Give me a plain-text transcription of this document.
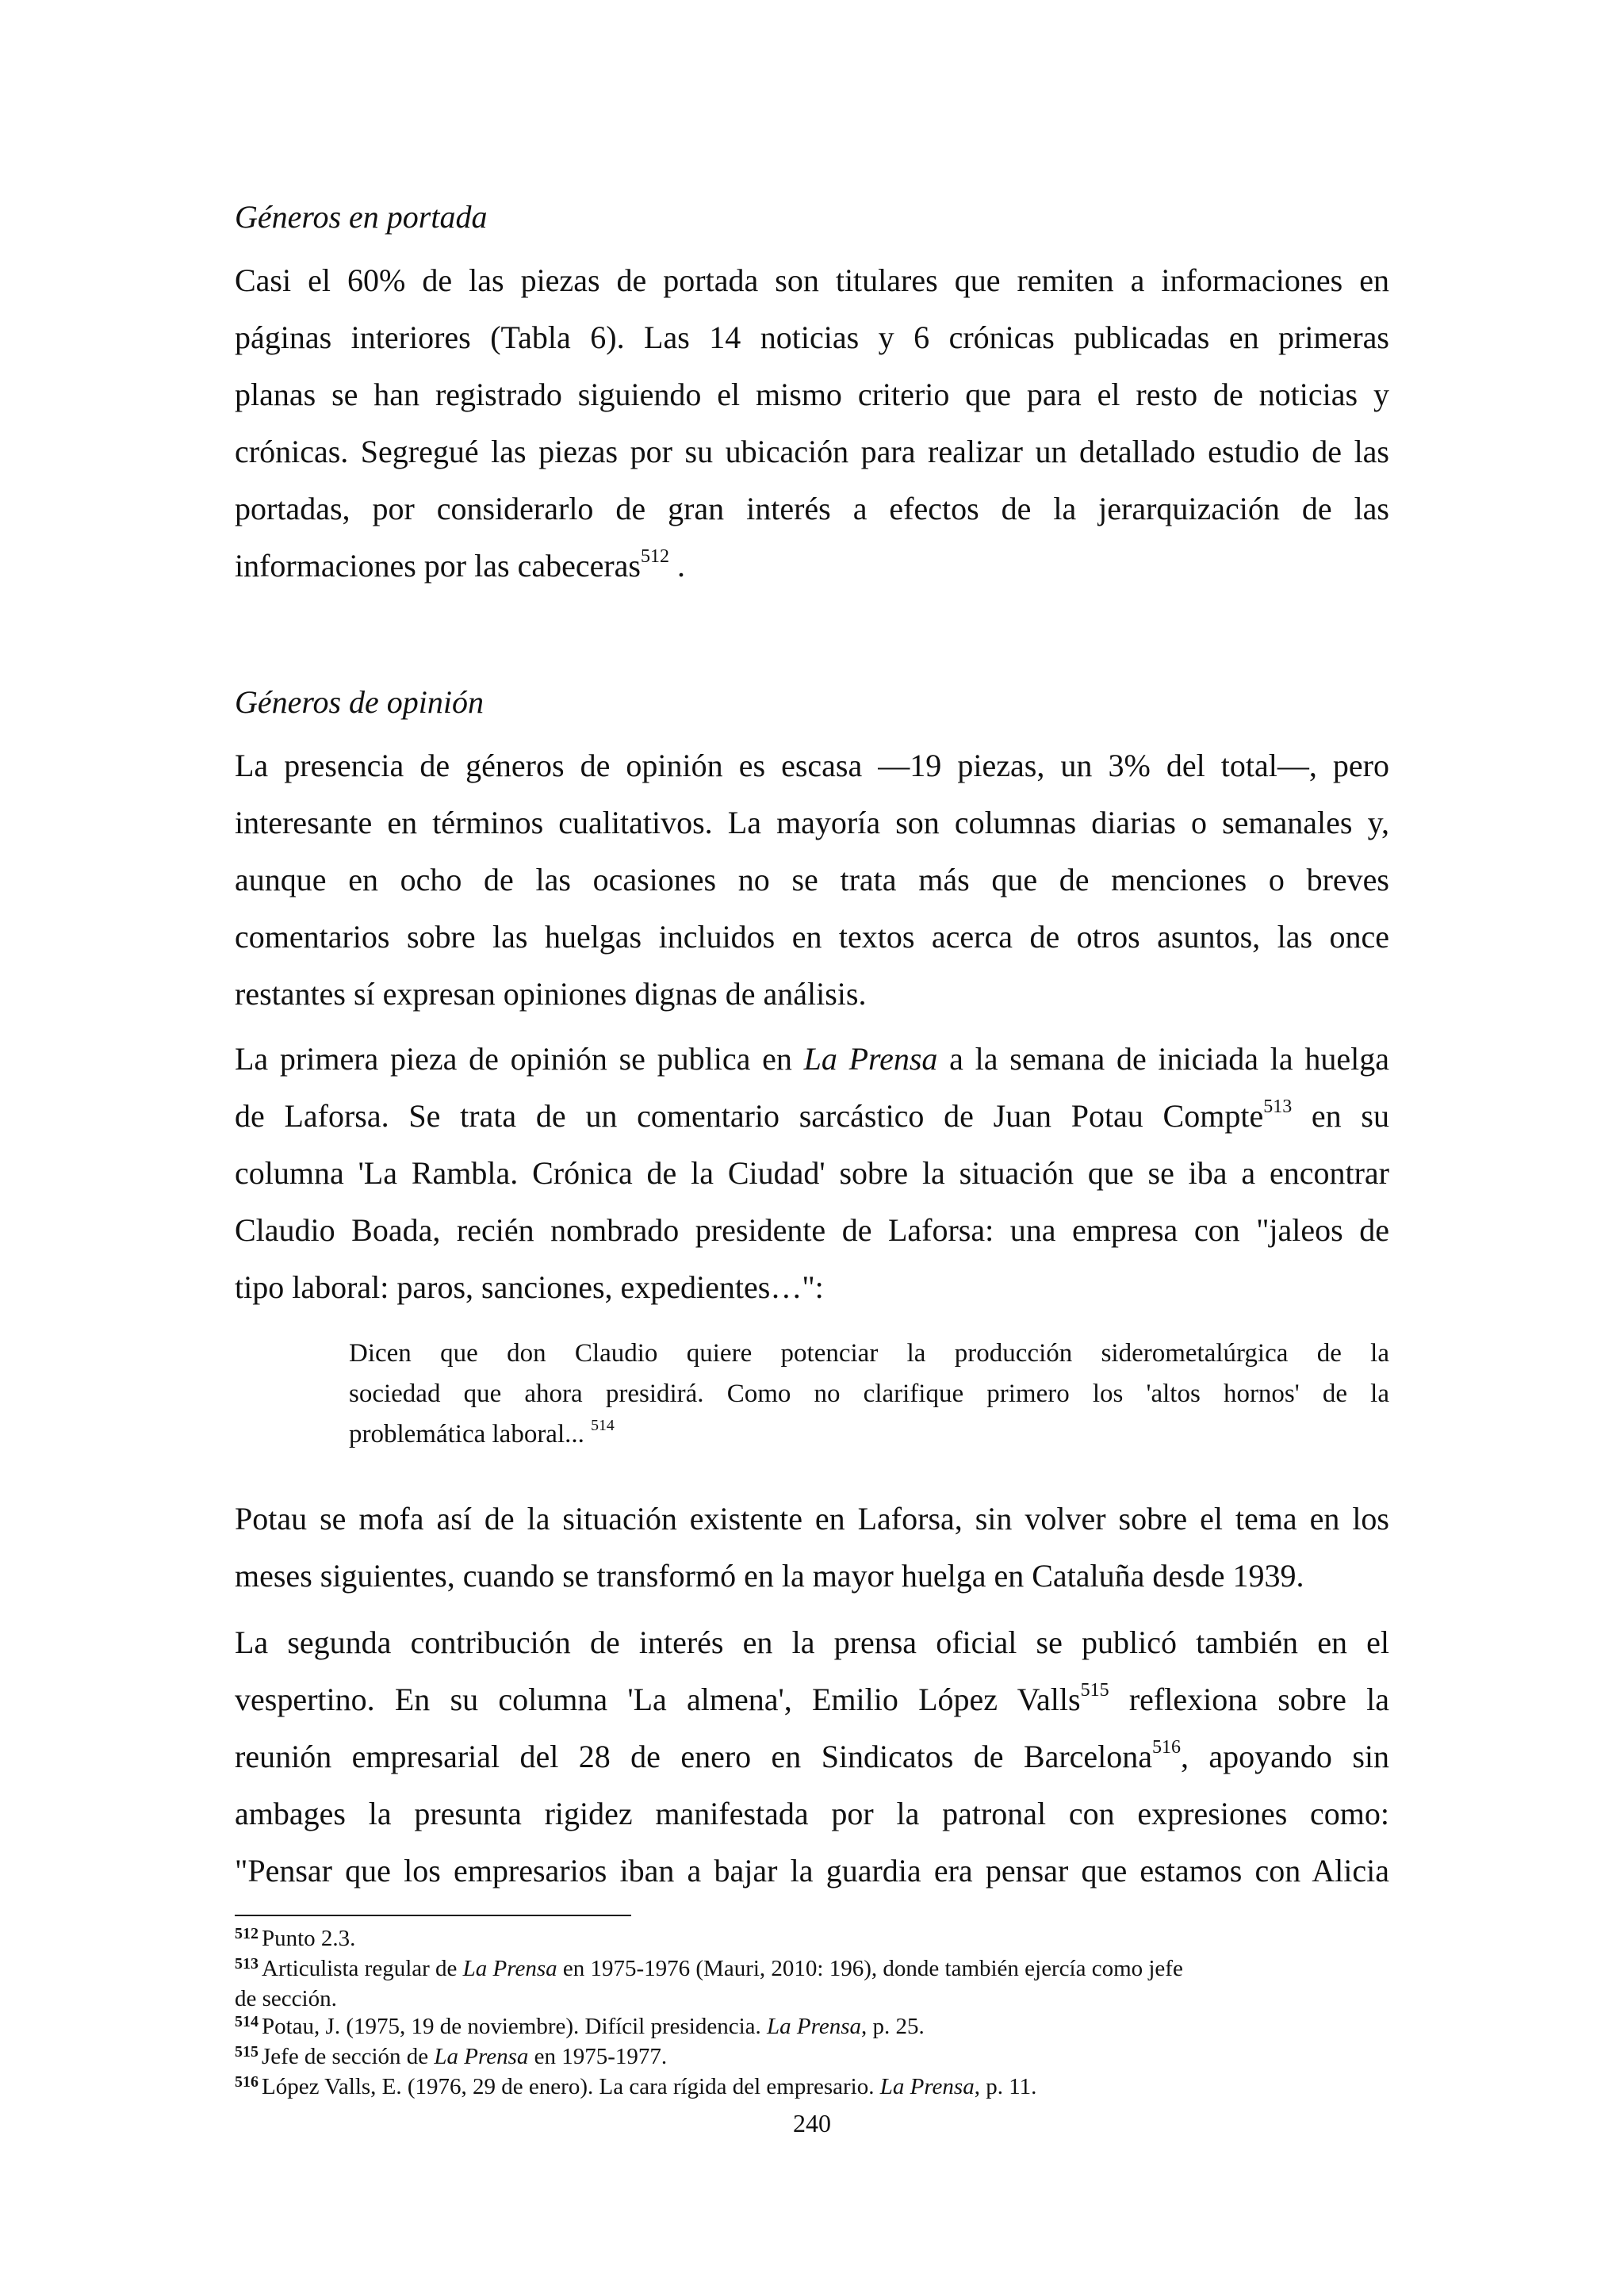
Géneros en portada
Casi el 60% de las piezas de portada son titulares que remiten a informaciones en
páginas interiores (Tabla 6). Las 14 noticias y 6 crónicas publicadas en primeras
planas se han registrado siguiendo el mismo criterio que para el resto de noticias y
crónicas. Segregué las piezas por su ubicación para realizar un detallado estudio de las
portadas, por considerarlo de gran interés a efectos de la jerarquización de las
informaciones por las cabeceras$^{512}$ .
Géneros de opinión
La presencia de géneros de opinión es escasa —19 piezas, un 3% del total—, pero
interesante en términos cualitativos. La mayoría son columnas diarias o semanales y,
aunque en ocho de las ocasiones no se trata más que de menciones o breves
comentarios sobre las huelgas incluidos en textos acerca de otros asuntos, las once
restantes sí expresan opiniones dignas de análisis.
La primera pieza de opinión se publica en La Prensa a la semana de iniciada la huelga
de Laforsa. Se trata de un comentario sarcástico de Juan Potau Compte$^{513}$ en su
columna 'La Rambla. Crónica de la Ciudad' sobre la situación que se iba a encontrar
Claudio Boada, recién nombrado presidente de Laforsa: una empresa con "jaleos de
tipo laboral: paros, sanciones, expedientes…":
Dicen que don Claudio quiere potenciar la producción siderometalúrgica de la
sociedad que ahora presidirá. Como no clarifique primero los 'altos hornos' de la
problemática laboral... $^{514}$
Potau se mofa así de la situación existente en Laforsa, sin volver sobre el tema en los
meses siguientes, cuando se transformó en la mayor huelga en Cataluña desde 1939.
La segunda contribución de interés en la prensa oficial se publicó también en el
vespertino. En su columna 'La almena', Emilio López Valls$^{515}$ reflexiona sobre la
reunión empresarial del 28 de enero en Sindicatos de Barcelona$^{516}$, apoyando sin
ambages la presunta rigidez manifestada por la patronal con expresiones como:
"Pensar que los empresarios iban a bajar la guardia era pensar que estamos con Alicia
$^{512}$ Punto 2.3.
$^{513}$ Articulista regular de La Prensa en 1975-1976 (Mauri, 2010: 196), donde también ejercía como jefe
de sección.
$^{514}$ Potau, J. (1975, 19 de noviembre). Difícil presidencia. La Prensa, p. 25.
$^{515}$ Jefe de sección de La Prensa en 1975-1977.
$^{516}$ López Valls, E. (1976, 29 de enero). La cara rígida del empresario. La Prensa, p. 11.
240
